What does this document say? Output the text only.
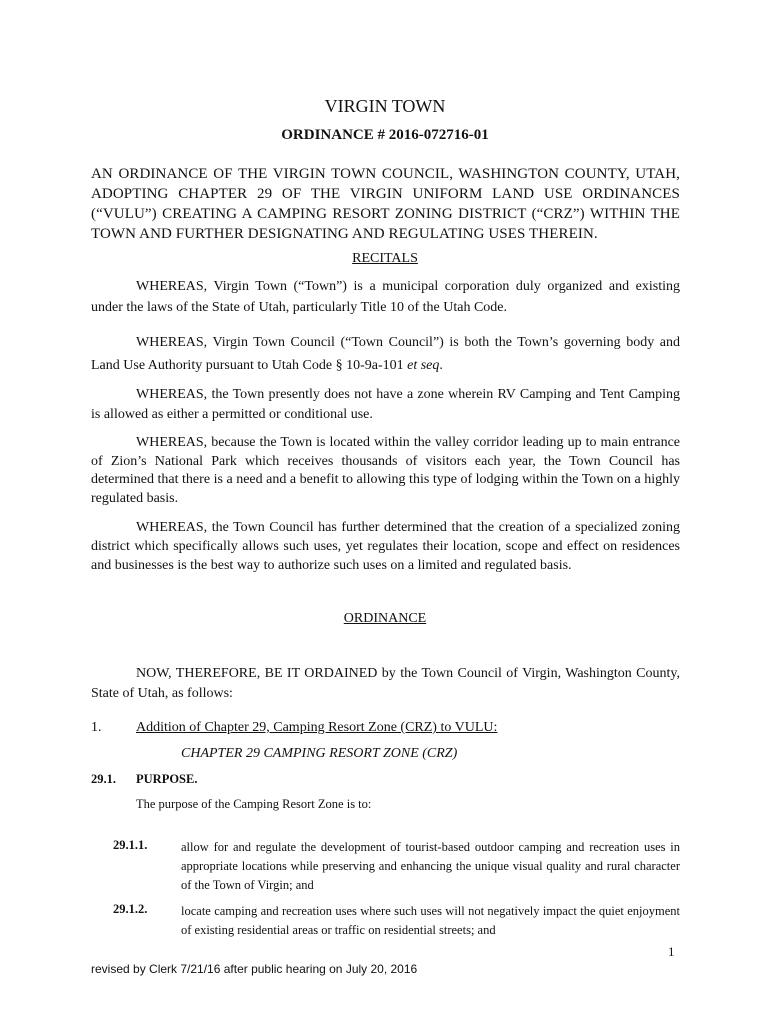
VIRGIN TOWN
ORDINANCE # 2016-072716-01
AN ORDINANCE OF THE VIRGIN TOWN COUNCIL, WASHINGTON COUNTY, UTAH, ADOPTING CHAPTER 29 OF THE VIRGIN UNIFORM LAND USE ORDINANCES (“VULU”) CREATING A CAMPING RESORT ZONING DISTRICT (“CRZ”) WITHIN THE TOWN AND FURTHER DESIGNATING AND REGULATING USES THEREIN.
RECITALS
WHEREAS, Virgin Town (“Town”) is a municipal corporation duly organized and existing under the laws of the State of Utah, particularly Title 10 of the Utah Code.
WHEREAS, Virgin Town Council (“Town Council”) is both the Town’s governing body and Land Use Authority pursuant to Utah Code § 10-9a-101 et seq.
WHEREAS, the Town presently does not have a zone wherein RV Camping and Tent Camping is allowed as either a permitted or conditional use.
WHEREAS, because the Town is located within the valley corridor leading up to main entrance of Zion’s National Park which receives thousands of visitors each year, the Town Council has determined that there is a need and a benefit to allowing this type of lodging within the Town on a highly regulated basis.
WHEREAS, the Town Council has further determined that the creation of a specialized zoning district which specifically allows such uses, yet regulates their location, scope and effect on residences and businesses is the best way to authorize such uses on a limited and regulated basis.
ORDINANCE
NOW, THEREFORE, BE IT ORDAINED by the Town Council of Virgin, Washington County, State of Utah, as follows:
1. Addition of Chapter 29, Camping Resort Zone (CRZ) to VULU:
CHAPTER 29 CAMPING RESORT ZONE (CRZ)
29.1. PURPOSE.
The purpose of the Camping Resort Zone is to:
29.1.1.	allow for and regulate the development of tourist-based outdoor camping and recreation uses in appropriate locations while preserving and enhancing the unique visual quality and rural character of the Town of Virgin; and
29.1.2.	locate camping and recreation uses where such uses will not negatively impact the quiet enjoyment of existing residential areas or traffic on residential streets; and
1
revised by Clerk 7/21/16 after public hearing on July 20, 2016
